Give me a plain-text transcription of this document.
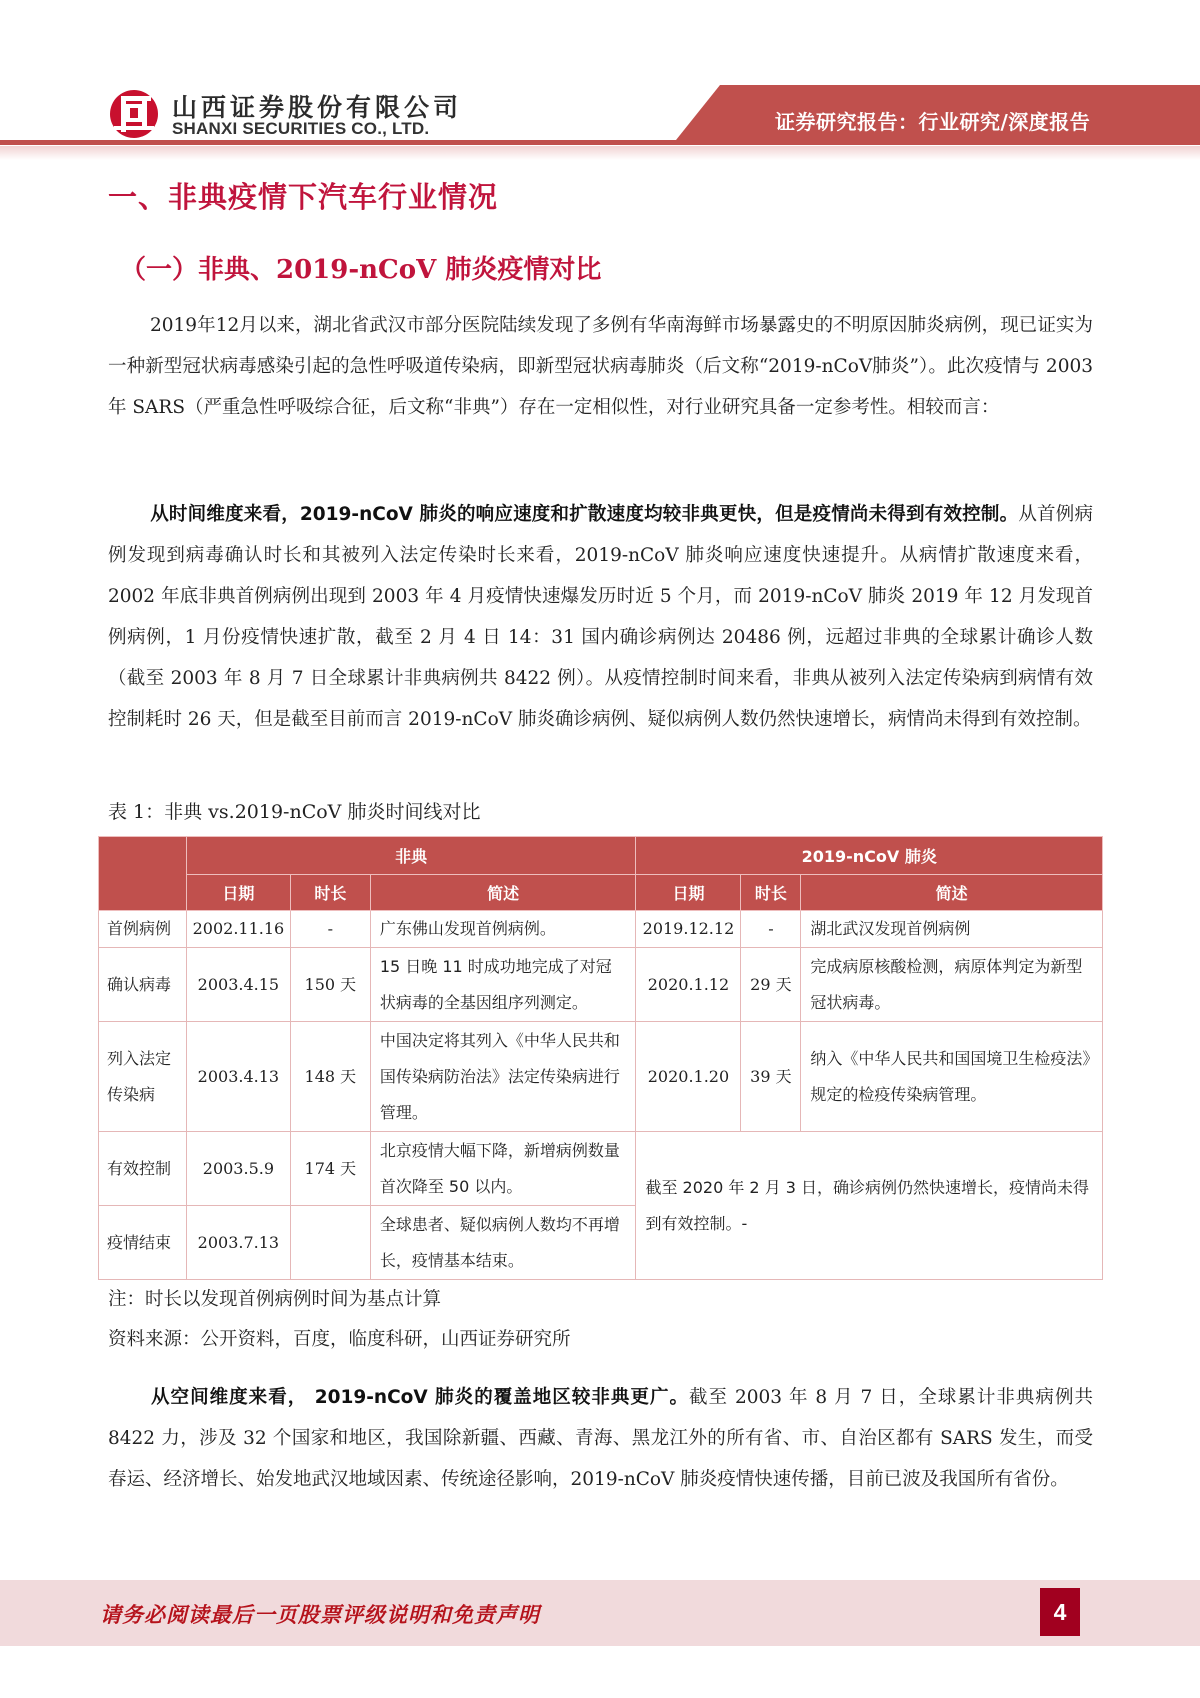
山西证券股份有限公司
SHANXI SECURITIES CO., LTD.	证券研究报告：行业研究/深度报告
一、非典疫情下汽车行业情况
（一）非典、2019-nCoV 肺炎疫情对比

2019年12月以来，湖北省武汉市部分医院陆续发现了多例有华南海鲜市场暴露史的不明原因肺炎病例，现已证实为一种新型冠状病毒感染引起的急性呼吸道传染病，即新型冠状病毒肺炎（后文称“2019-nCoV肺炎”）。此次疫情与 2003 年 SARS（严重急性呼吸综合征，后文称“非典”）存在一定相似性，对行业研究具备一定参考性。相较而言：

从时间维度来看，2019-nCoV 肺炎的响应速度和扩散速度均较非典更快，但是疫情尚未得到有效控制。从首例病例发现到病毒确认时长和其被列入法定传染时长来看，2019-nCoV 肺炎响应速度快速提升。从病情扩散速度来看，2002 年底非典首例病例出现到 2003 年 4 月疫情快速爆发历时近 5 个月，而 2019-nCoV 肺炎 2019 年 12 月发现首例病例，1 月份疫情快速扩散，截至 2 月 4 日 14：31 国内确诊病例达 20486 例，远超过非典的全球累计确诊人数（截至 2003 年 8 月 7 日全球累计非典病例共 8422 例）。从疫情控制时间来看，非典从被列入法定传染病到病情有效控制耗时 26 天，但是截至目前而言 2019-nCoV 肺炎确诊病例、疑似病例人数仍然快速增长，病情尚未得到有效控制。

表 1：非典 vs.2019-nCoV 肺炎时间线对比
	非典			2019-nCoV 肺炎		
	日期	时长	简述	日期	时长	简述
首例病例	2002.11.16	-	广东佛山发现首例病例。	2019.12.12	-	湖北武汉发现首例病例
确认病毒	2003.4.15	150 天	15 日晚 11 时成功地完成了对冠状病毒的全基因组序列测定。	2020.1.12	29 天	完成病原核酸检测，病原体判定为新型冠状病毒。
列入法定传染病	2003.4.13	148 天	中国决定将其列入《中华人民共和国传染病防治法》法定传染病进行管理。	2020.1.20	39 天	纳入《中华人民共和国国境卫生检疫法》规定的检疫传染病管理。
有效控制	2003.5.9	174 天	北京疫情大幅下降，新增病例数量首次降至 50 以内。	截至 2020 年 2 月 3 日，确诊病例仍然快速增长，疫情尚未得到有效控制。-		
疫情结束	2003.7.13		全球患者、疑似病例人数均不再增长，疫情基本结束。			
注：时长以发现首例病例时间为基点计算
资料来源：公开资料，百度，临度科研，山西证券研究所

从空间维度来看， 2019-nCoV 肺炎的覆盖地区较非典更广。截至 2003 年 8 月 7 日，全球累计非典病例共 8422 力，涉及 32 个国家和地区，我国除新疆、西藏、青海、黑龙江外的所有省、市、自治区都有 SARS 发生，而受春运、经济增长、始发地武汉地域因素、传统途径影响，2019-nCoV 肺炎疫情快速传播，目前已波及我国所有省份。

请务必阅读最后一页股票评级说明和免责声明	4
